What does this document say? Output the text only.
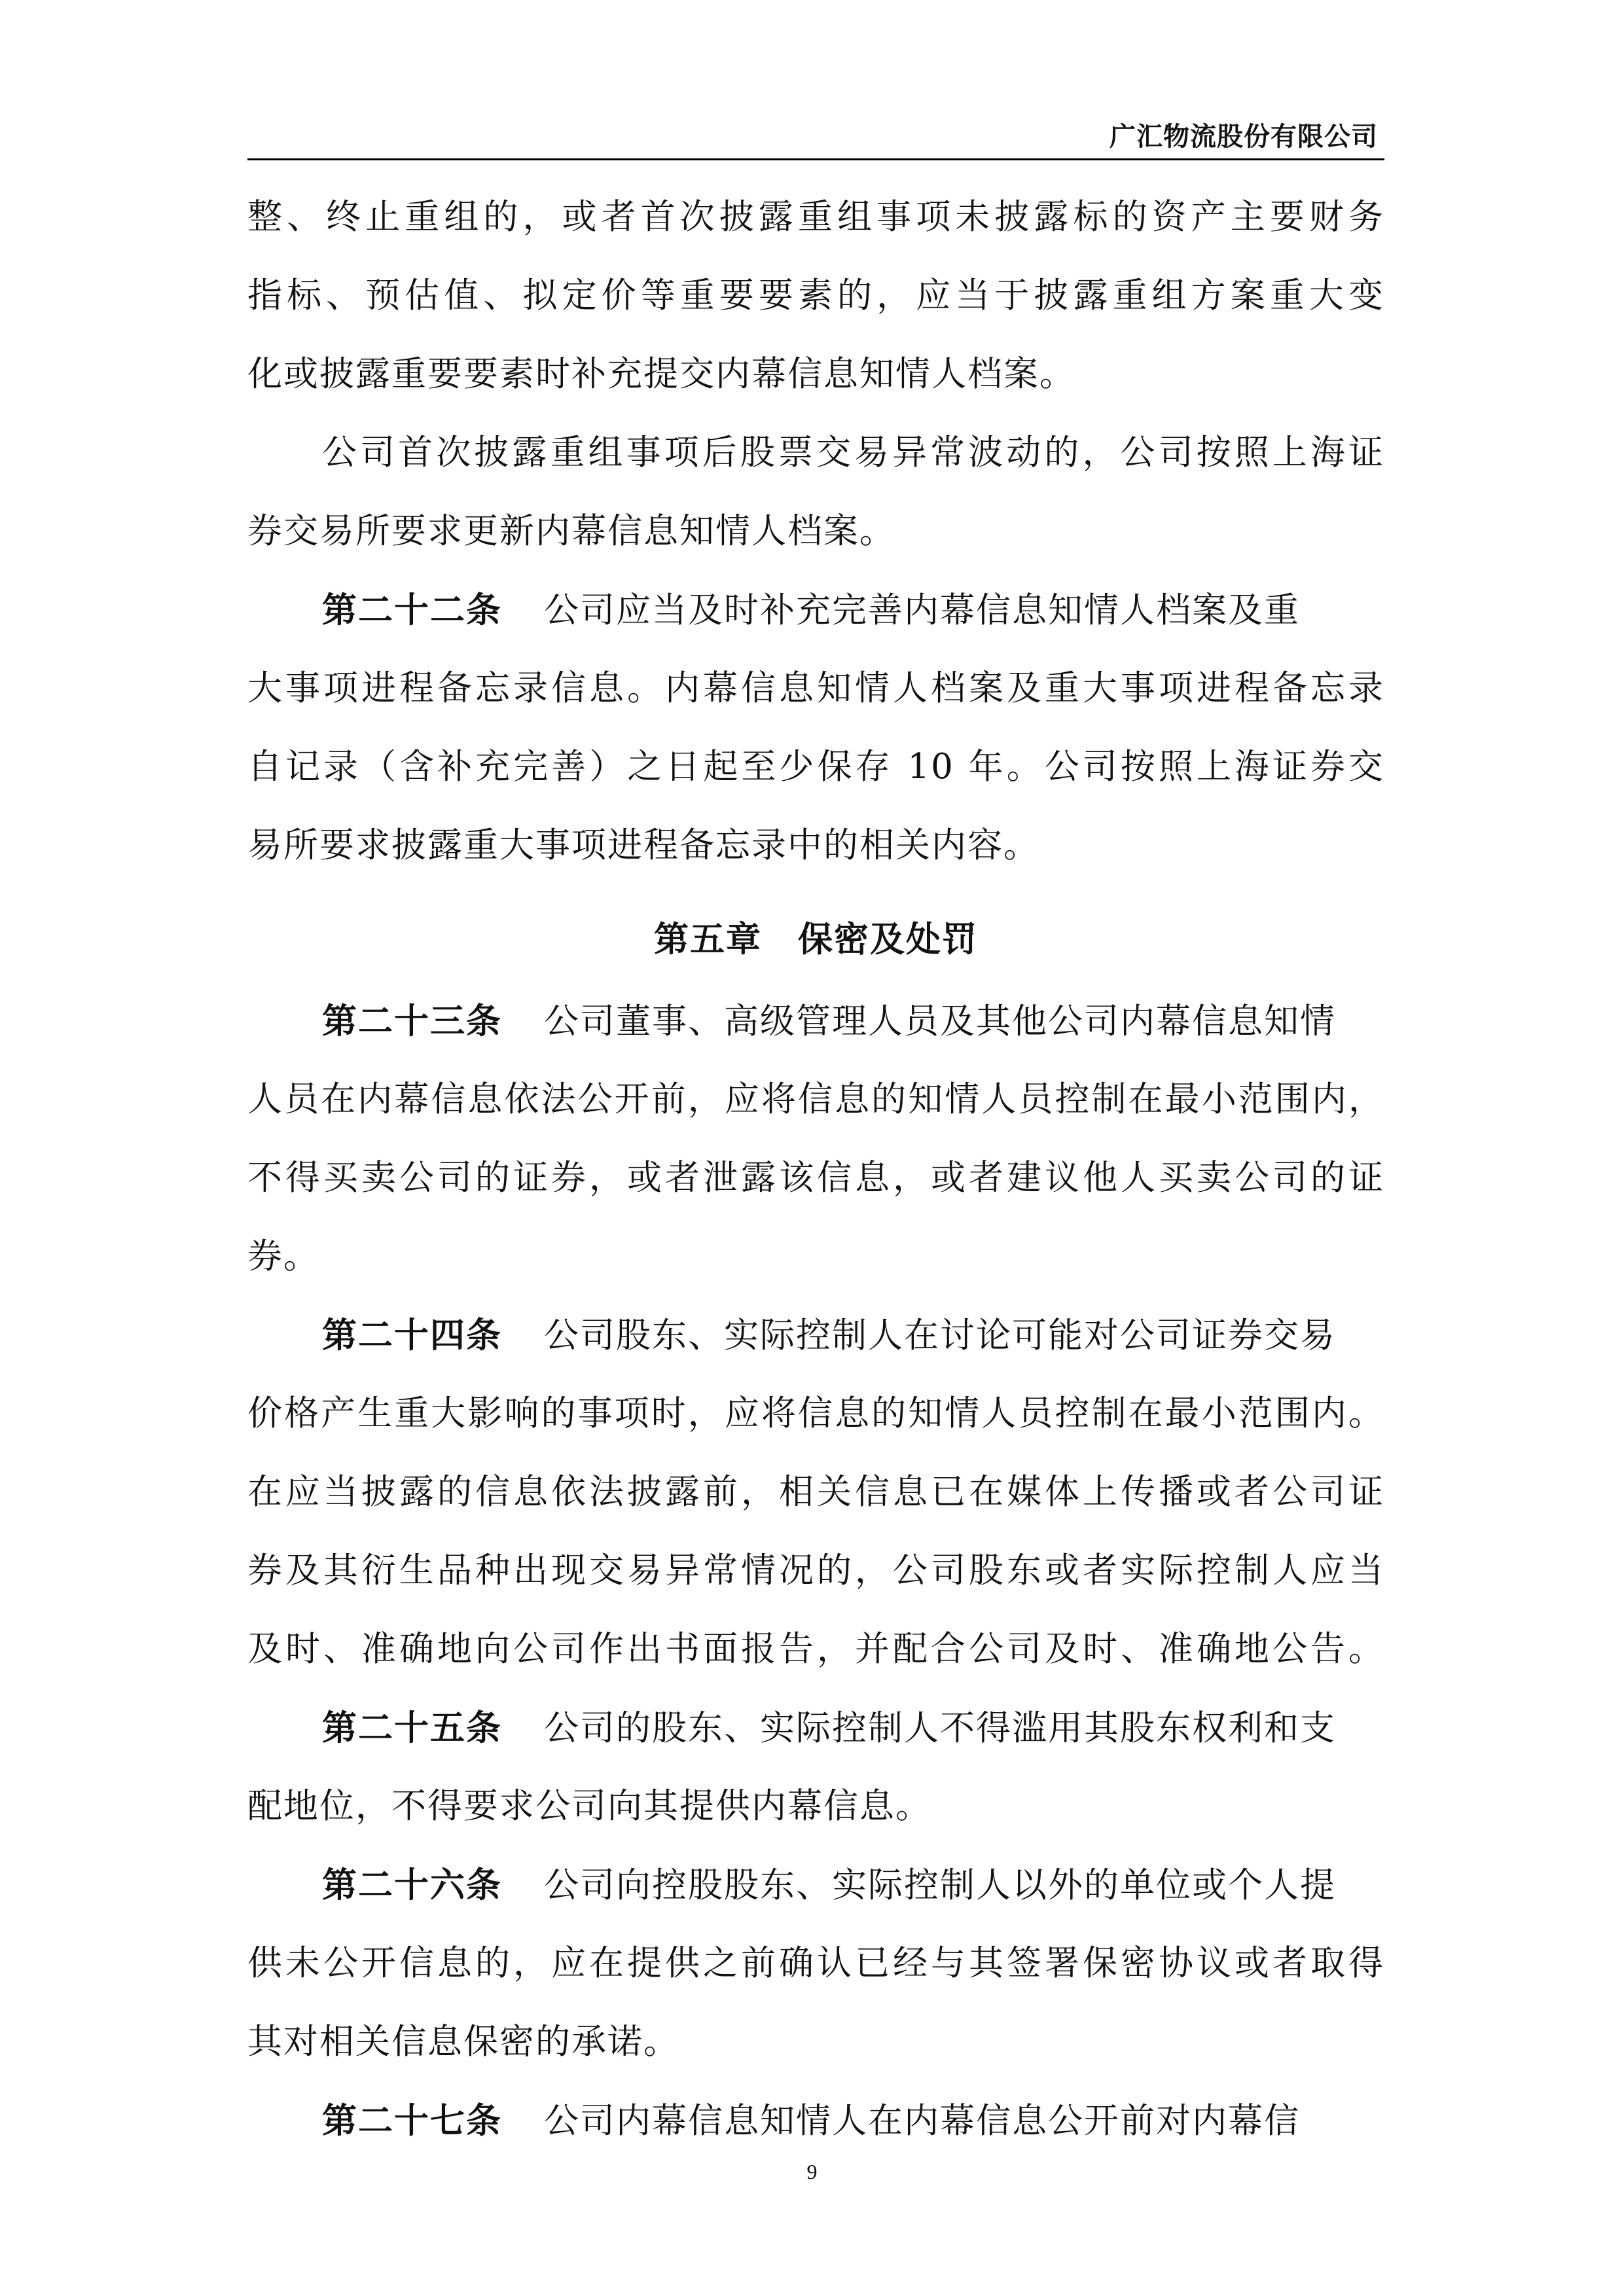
广汇物流股份有限公司
整、终止重组的，或者首次披露重组事项未披露标的资产主要财务
指标、预估值、拟定价等重要要素的，应当于披露重组方案重大变
化或披露重要要素时补充提交内幕信息知情人档案。
公司首次披露重组事项后股票交易异常波动的，公司按照上海证
券交易所要求更新内幕信息知情人档案。
第二十二条 公司应当及时补充完善内幕信息知情人档案及重
大事项进程备忘录信息。内幕信息知情人档案及重大事项进程备忘录
自记录（含补充完善）之日起至少保存 10 年。公司按照上海证券交
易所要求披露重大事项进程备忘录中的相关内容。
第五章　保密及处罚
第二十三条 公司董事、高级管理人员及其他公司内幕信息知情
人员在内幕信息依法公开前，应将信息的知情人员控制在最小范围内，
不得买卖公司的证券，或者泄露该信息，或者建议他人买卖公司的证
券。
第二十四条 公司股东、实际控制人在讨论可能对公司证券交易
价格产生重大影响的事项时，应将信息的知情人员控制在最小范围内。
在应当披露的信息依法披露前，相关信息已在媒体上传播或者公司证
券及其衍生品种出现交易异常情况的，公司股东或者实际控制人应当
及时、准确地向公司作出书面报告，并配合公司及时、准确地公告。
第二十五条 公司的股东、实际控制人不得滥用其股东权利和支
配地位，不得要求公司向其提供内幕信息。
第二十六条 公司向控股股东、实际控制人以外的单位或个人提
供未公开信息的，应在提供之前确认已经与其签署保密协议或者取得
其对相关信息保密的承诺。
第二十七条 公司内幕信息知情人在内幕信息公开前对内幕信
9
